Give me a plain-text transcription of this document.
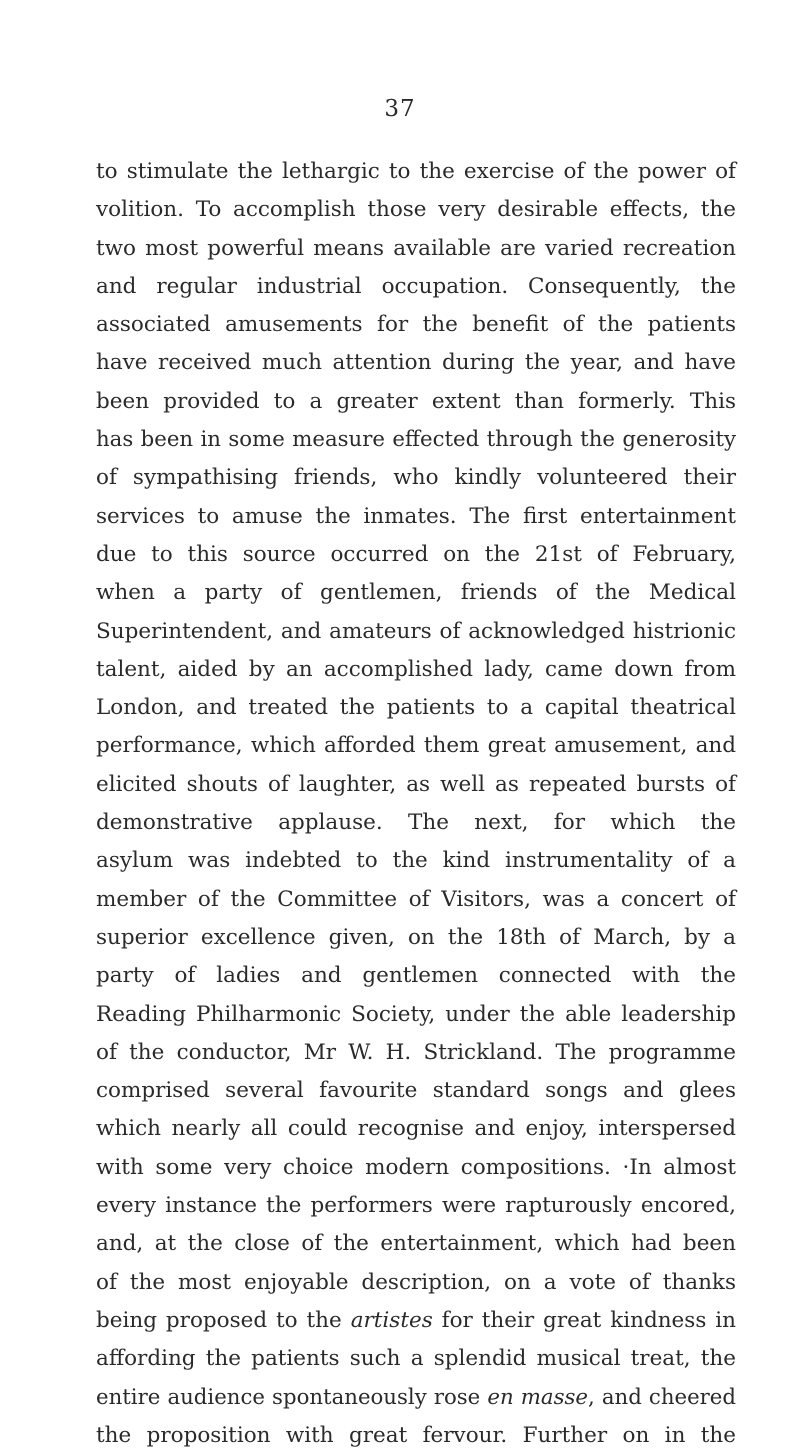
37
to stimulate the lethargic to the exercise of the power of
volition. To accomplish those very desirable effects, the
two most powerful means available are varied recreation
and regular industrial occupation. Consequently, the
associated amusements for the benefit of the patients
have received much attention during the year, and have
been provided to a greater extent than formerly. This
has been in some measure effected through the generosity
of sympathising friends, who kindly volunteered their
services to amuse the inmates. The first entertainment
due to this source occurred on the 21st of February,
when a party of gentlemen, friends of the Medical
Superintendent, and amateurs of acknowledged histrionic
talent, aided by an accomplished lady, came down from
London, and treated the patients to a capital theatrical
performance, which afforded them great amusement, and
elicited shouts of laughter, as well as repeated bursts of
demonstrative applause. The next, for which the
asylum was indebted to the kind instrumentality of a
member of the Committee of Visitors, was a concert of
superior excellence given, on the 18th of March, by a
party of ladies and gentlemen connected with the
Reading Philharmonic Society, under the able leadership
of the conductor, Mr W. H. Strickland. The programme
comprised several favourite standard songs and glees
which nearly all could recognise and enjoy, interspersed
with some very choice modern compositions. ·In almost
every instance the performers were rapturously encored,
and, at the close of the entertainment, which had been
of the most enjoyable description, on a vote of thanks
being proposed to the artistes for their great kindness in
affording the patients such a splendid musical treat, the
entire audience spontaneously rose en masse, and cheered
the proposition with great fervour. Further on in the
